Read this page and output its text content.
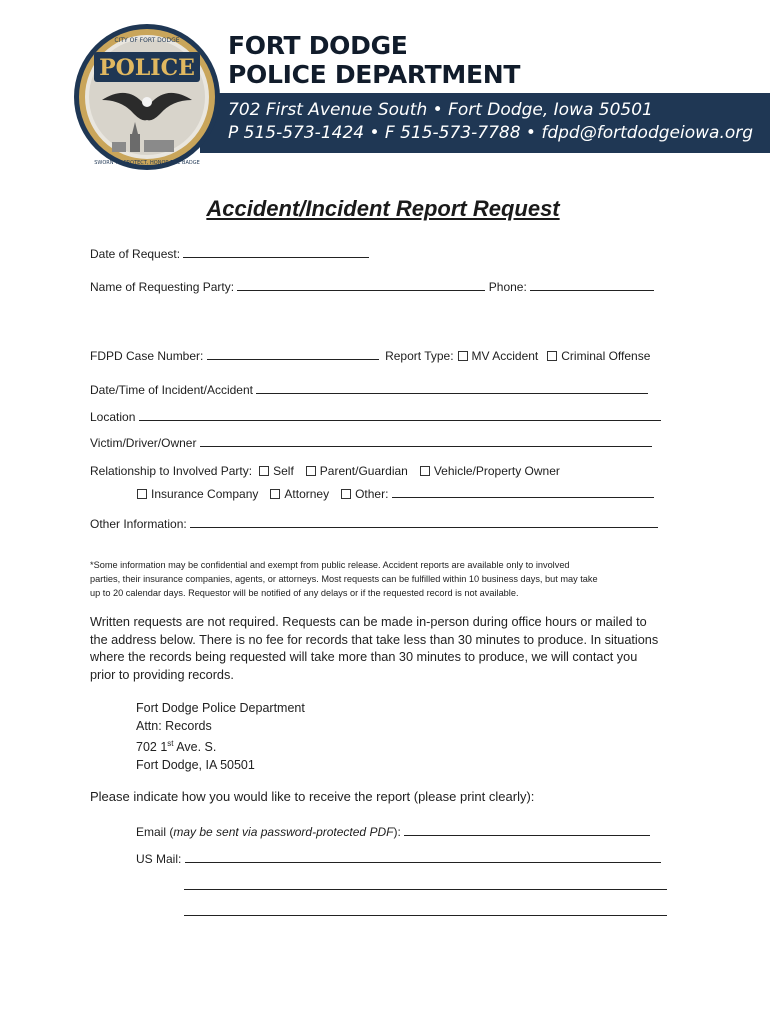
POLICE
CITY OF FORT DODGE
SWORN TO PROTECT, HONOR THE BADGE
FORT DODGE
POLICE DEPARTMENT
702 First Avenue South • Fort Dodge, Iowa 50501
P 515-573-1424 • F 515-573-7788 • fdpd@fortdodgeiowa.org
Accident/Incident Report Request
Date of Request:
Name of Requesting Party:	Phone:
FDPD Case Number:	Report Type: MV Accident Criminal Offense
Date/Time of Incident/Accident
Location
Victim/Driver/Owner
Relationship to Involved Party: Self Parent/Guardian Vehicle/Property Owner
Insurance Company Attorney Other:
Other Information:
*Some information may be confidential and exempt from public release. Accident reports are available only to involved
parties, their insurance companies, agents, or attorneys. Most requests can be fulfilled within 10 business days, but may take
up to 20 calendar days. Requestor will be notified of any delays or if the requested record is not available.
Written requests are not required. Requests can be made in-person during office hours or mailed to
the address below. There is no fee for records that take less than 30 minutes to produce. In situations
where the records being requested will take more than 30 minutes to produce, we will contact you
prior to providing records.
Fort Dodge Police Department
Attn: Records
702 1st Ave. S.
Fort Dodge, IA 50501
Please indicate how you would like to receive the report (please print clearly):
Email (may be sent via password-protected PDF):
US Mail:
